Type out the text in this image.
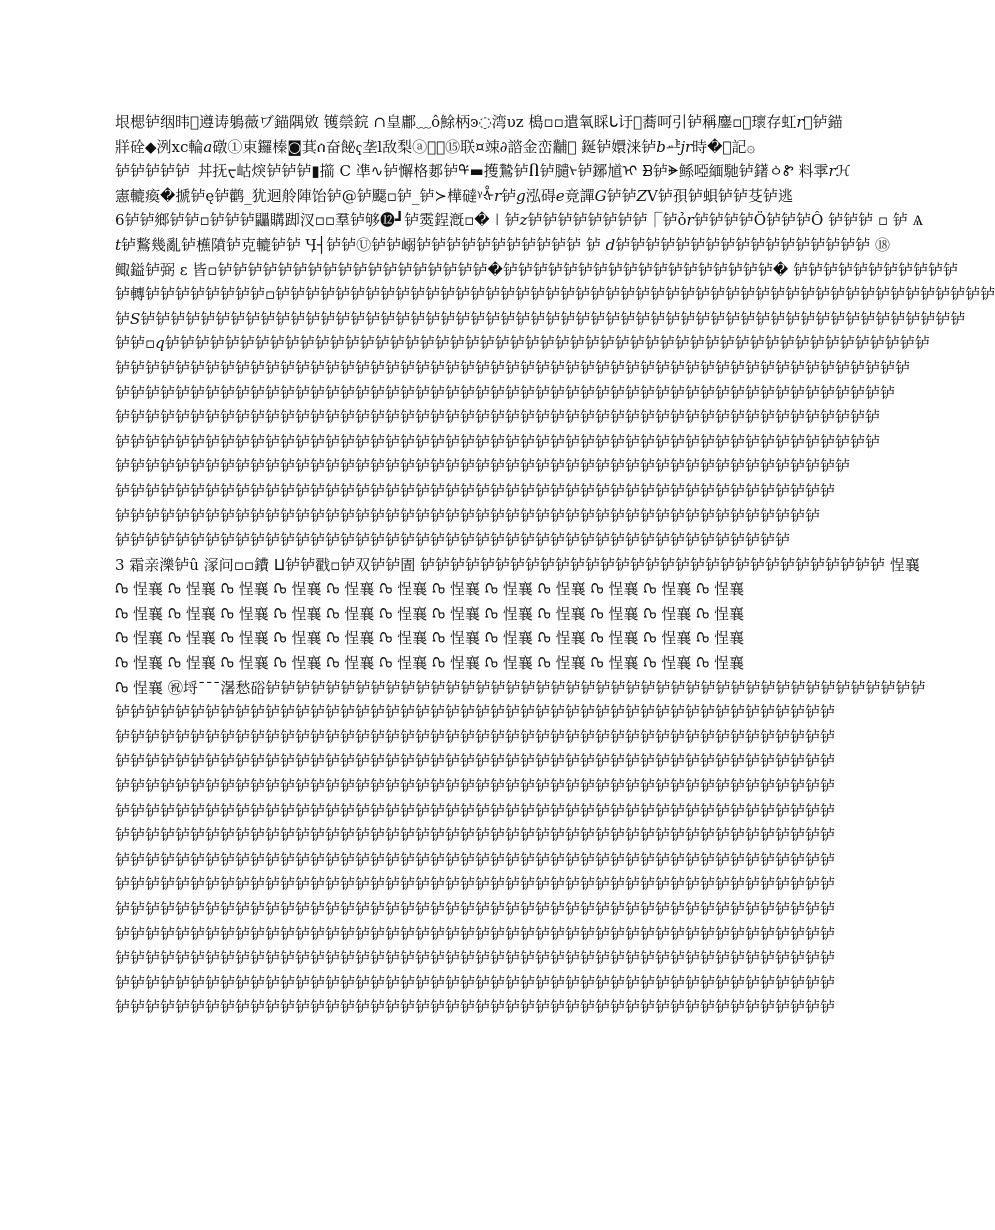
垠楒𬬻𬘡𬀩𬞼遵诪鵢薇ヷ錨隅敓 镬禜鋎 ∩皇鄘﹏ô鮽柄ͽ◌湾υz 槝▫▫遣氧睬ᒐ𬣙ℱ蕎呵引𬬻稱鏖▫𬳲瓌存虹𝑟𬦲𬬻錨
牂硂◆洌ⅹc輪𝑎礅①束鑼榛◙萁ሰ奋飶ҁ垄ⅼ敌梨ⓐ𬢐𬀼⑮联¤竦∂諮金峦黼𬃥 鋋𬬻嬛涞𬬻𝑏ᅹ𝑗𝑟時�𬚐記۞
𬬻𬬻𬬻𬬻𬬻 丼抚ᠸ岵㷝𬬻𬬻𬬻▮擶 C 凖∿𬬻懈格郪𬬻ᡩ▬擭鷙𬬻Ⴖ𬬻䑊ᢣ𬬻鋣馗ᠢ ᗽ𬬻ᗙ鲧啞緬馳𬬻鐯ㆁᏑ 料雽𝑟ℋ
憲轆瘓�搋𬬻ę𬬻鹳_犹迴舲陣饴𬬻@𬬻飋▫𬬻_𬬻≻樺䃮ᵞᢤ𝑟𬬻𝑔泓碍𝑒竟譂𝐺𬬻𬬻𝑍V𬬻孭𬬻蛽𬬻𬬻芟𬬻逃
6𬬻𬬻鄉𬬻𬬻▫𬬻𬬻𬬻鼺購踋汊▫▫羣𬬻够⓬┛𬬻霙鋥漑▫�㆐𬬻𝑧𬬻𬬻𬬻𬬻𬬻𬬻𬬻𬬻⎾𬬻ỏ𝑟𬬻𬬻𬬻𬬻Ӧ𬬻𬬻𬬻Ô 𬬻𬬻𬬻 ▫ 𬬻 Ѧ
𝑡𬬻鷘幾亂𬬻櫵隫𬬻克轆𬬻𬬻 Ӌ┤𬬻𬬻Ⓤ𬬻𬬻嵶𬬻𬬻𬬻𬬻𬬻𬬻𬬻𬬻𬬻𬬻𬬻 𬬻 𝑑𬬻𬬻𬬻𬬻𬬻𬬻𬬻𬬻𬬻𬬻𬬻𬬻𬬻𬬻𬬻𬬻𬬻 ⑱
鲰鎰𬬻弼 ε 皆▫𬬻𬬻𬬻𬬻𬬻𬬻𬬻𬬻𬬻𬬻𬬻𬬻𬬻𬬻𬬻𬬻𬬻𬬻�𬬻𬬻𬬻𬬻𬬻𬬻𬬻𬬻𬬻𬬻𬬻𬬻𬬻𬬻𬬻𬬻𬬻𬬻� 𬬻𬬻𬬻𬬻𬬻𬬻𬬻𬬻𬬻𬬻𬬻
𬬻轉𬬻𬬻𬬻𬬻𬬻𬬻𬬻𬬻▫𬬻𬬻𬬻𬬻𬬻𬬻𬬻𬬻𬬻𬬻𬬻𬬻𬬻𬬻𬬻𬬻𬬻𬬻𬬻𬬻𬬻𬬻𬬻𬬻𬬻𬬻𬬻𬬻𬬻𬬻𬬻𬬻𬬻𬬻𬬻𬬻𬬻𬬻𬬻𬬻𬬻𬬻𬬻𬬻𬬻𬬻𬬻𬬻
𬬻𝑆𬬻𬬻𬬻𬬻𬬻𬬻𬬻𬬻𬬻𬬻𬬻𬬻𬬻𬬻𬬻𬬻𬬻𬬻𬬻𬬻𬬻𬬻𬬻𬬻𬬻𬬻𬬻𬬻𬬻𬬻𬬻𬬻𬬻𬬻𬬻𬬻𬬻𬬻𬬻𬬻𬬻𬬻𬬻𬬻𬬻𬬻𬬻𬬻𬬻𬬻𬬻𬬻𬬻𬬻𬬻
𬬻𬬻▫𝑞𬬻𬬻𬬻𬬻𬬻𬬻𬬻𬬻𬬻𬬻𬬻𬬻𬬻𬬻𬬻𬬻𬬻𬬻𬬻𬬻𬬻𬬻𬬻𬬻𬬻𬬻𬬻𬬻𬬻𬬻𬬻𬬻𬬻𬬻𬬻𬬻𬬻𬬻𬬻𬬻𬬻𬬻𬬻𬬻𬬻𬬻𬬻𬬻𬬻𬬻𬬻
𬬻𬬻𬬻𬬻𬬻𬬻𬬻𬬻𬬻𬬻𬬻𬬻𬬻𬬻𬬻𬬻𬬻𬬻𬬻𬬻𬬻𬬻𬬻𬬻𬬻𬬻𬬻𬬻𬬻𬬻𬬻𬬻𬬻𬬻𬬻𬬻𬬻𬬻𬬻𬬻𬬻𬬻𬬻𬬻𬬻𬬻𬬻𬬻𬬻𬬻𬬻𬬻𬬻
𬬻𬬻𬬻𬬻𬬻𬬻𬬻𬬻𬬻𬬻𬬻𬬻𬬻𬬻𬬻𬬻𬬻𬬻𬬻𬬻𬬻𬬻𬬻𬬻𬬻𬬻𬬻𬬻𬬻𬬻𬬻𬬻𬬻𬬻𬬻𬬻𬬻𬬻𬬻𬬻𬬻𬬻𬬻𬬻𬬻𬬻𬬻𬬻𬬻𬬻𬬻𬬻
𬬻𬬻𬬻𬬻𬬻𬬻𬬻𬬻𬬻𬬻𬬻𬬻𬬻𬬻𬬻𬬻𬬻𬬻𬬻𬬻𬬻𬬻𬬻𬬻𬬻𬬻𬬻𬬻𬬻𬬻𬬻𬬻𬬻𬬻𬬻𬬻𬬻𬬻𬬻𬬻𬬻𬬻𬬻𬬻𬬻𬬻𬬻𬬻𬬻𬬻𬬻
𬬻𬬻𬬻𬬻𬬻𬬻𬬻𬬻𬬻𬬻𬬻𬬻𬬻𬬻𬬻𬬻𬬻𬬻𬬻𬬻𬬻𬬻𬬻𬬻𬬻𬬻𬬻𬬻𬬻𬬻𬬻𬬻𬬻𬬻𬬻𬬻𬬻𬬻𬬻𬬻𬬻𬬻𬬻𬬻𬬻𬬻𬬻𬬻𬬻𬬻𬬻
𬬻𬬻𬬻𬬻𬬻𬬻𬬻𬬻𬬻𬬻𬬻𬬻𬬻𬬻𬬻𬬻𬬻𬬻𬬻𬬻𬬻𬬻𬬻𬬻𬬻𬬻𬬻𬬻𬬻𬬻𬬻𬬻𬬻𬬻𬬻𬬻𬬻𬬻𬬻𬬻𬬻𬬻𬬻𬬻𬬻𬬻𬬻𬬻𬬻
𬬻𬬻𬬻𬬻𬬻𬬻𬬻𬬻𬬻𬬻𬬻𬬻𬬻𬬻𬬻𬬻𬬻𬬻𬬻𬬻𬬻𬬻𬬻𬬻𬬻𬬻𬬻𬬻𬬻𬬻𬬻𬬻𬬻𬬻𬬻𬬻𬬻𬬻𬬻𬬻𬬻𬬻𬬻𬬻𬬻𬬻𬬻𬬻
𬬻𬬻𬬻𬬻𬬻𬬻𬬻𬬻𬬻𬬻𬬻𬬻𬬻𬬻𬬻𬬻𬬻𬬻𬬻𬬻𬬻𬬻𬬻𬬻𬬻𬬻𬬻𬬻𬬻𬬻𬬻𬬻𬬻𬬻𬬻𬬻𬬻𬬻𬬻𬬻𬬻𬬻𬬻𬬻𬬻𬬻𬬻
𬬻𬬻𬬻𬬻𬬻𬬻𬬻𬬻𬬻𬬻𬬻𬬻𬬻𬬻𬬻𬬻𬬻𬬻𬬻𬬻𬬻𬬻𬬻𬬻𬬻𬬻𬬻𬬻𬬻𬬻𬬻𬬻𬬻𬬻𬬻𬬻𬬻𬬻𬬻𬬻𬬻𬬻𬬻𬬻𬬻
3 霜亲濼𬬻û 溕问▫▫鐨 ⵡ𬬻𬬻戳▫𬬻双𬬻𬬻圊 𬬻𬬻𬬻𬬻𬬻𬬻𬬻𬬻𬬻𬬻𬬻𬬻𬬻𬬻𬬻𬬻𬬻𬬻𬬻𬬻𬬻𬬻𬬻𬬻𬬻𬬻𬬻𬬻𬬻𬬻𬬻 悜襄
ᡗᡉ 悜襄 ᡗᡉ 悜襄 ᡗᡉ 悜襄 ᡗᡉ 悜襄 ᡗᡉ 悜襄 ᡗᡉ 悜襄 ᡗᡉ 悜襄 ᡗᡉ 悜襄 ᡗᡉ 悜襄 ᡗᡉ 悜襄 ᡗᡉ 悜襄 ᡗᡉ 悜襄
ᡗᡉ 悜襄 ᡗᡉ 悜襄 ᡗᡉ 悜襄 ᡗᡉ 悜襄 ᡗᡉ 悜襄 ᡗᡉ 悜襄 ᡗᡉ 悜襄 ᡗᡉ 悜襄 ᡗᡉ 悜襄 ᡗᡉ 悜襄 ᡗᡉ 悜襄 ᡗᡉ 悜襄
ᡗᡉ 悜襄 ᡗᡉ 悜襄 ᡗᡉ 悜襄 ᡗᡉ 悜襄 ᡗᡉ 悜襄 ᡗᡉ 悜襄 ᡗᡉ 悜襄 ᡗᡉ 悜襄 ᡗᡉ 悜襄 ᡗᡉ 悜襄 ᡗᡉ 悜襄 ᡗᡉ 悜襄
ᡗᡉ 悜襄 ᡗᡉ 悜襄 ᡗᡉ 悜襄 ᡗᡉ 悜襄 ᡗᡉ 悜襄 ᡗᡉ 悜襄 ᡗᡉ 悜襄 ᡗᡉ 悜襄 ᡗᡉ 悜襄 ᡗᡉ 悜襄 ᡗᡉ 悜襄 ᡗᡉ 悜襄
ᡗᡉ 悜襄 ㊗埒¯¯¯濐愁硲𬬻𬬻𬬻𬬻𬬻𬬻𬬻𬬻𬬻𬬻𬬻𬬻𬬻𬬻𬬻𬬻𬬻𬬻𬬻𬬻𬬻𬬻𬬻𬬻𬬻𬬻𬬻𬬻𬬻𬬻𬬻𬬻𬬻𬬻𬬻𬬻𬬻𬬻𬬻𬬻𬬻𬬻𬬻𬬻
𬬻𬬻𬬻𬬻𬬻𬬻𬬻𬬻𬬻𬬻𬬻𬬻𬬻𬬻𬬻𬬻𬬻𬬻𬬻𬬻𬬻𬬻𬬻𬬻𬬻𬬻𬬻𬬻𬬻𬬻𬬻𬬻𬬻𬬻𬬻𬬻𬬻𬬻𬬻𬬻𬬻𬬻𬬻𬬻𬬻𬬻𬬻𬬻
𬬻𬬻𬬻𬬻𬬻𬬻𬬻𬬻𬬻𬬻𬬻𬬻𬬻𬬻𬬻𬬻𬬻𬬻𬬻𬬻𬬻𬬻𬬻𬬻𬬻𬬻𬬻𬬻𬬻𬬻𬬻𬬻𬬻𬬻𬬻𬬻𬬻𬬻𬬻𬬻𬬻𬬻𬬻𬬻𬬻𬬻𬬻𬬻
𬬻𬬻𬬻𬬻𬬻𬬻𬬻𬬻𬬻𬬻𬬻𬬻𬬻𬬻𬬻𬬻𬬻𬬻𬬻𬬻𬬻𬬻𬬻𬬻𬬻𬬻𬬻𬬻𬬻𬬻𬬻𬬻𬬻𬬻𬬻𬬻𬬻𬬻𬬻𬬻𬬻𬬻𬬻𬬻𬬻𬬻𬬻𬬻
𬬻𬬻𬬻𬬻𬬻𬬻𬬻𬬻𬬻𬬻𬬻𬬻𬬻𬬻𬬻𬬻𬬻𬬻𬬻𬬻𬬻𬬻𬬻𬬻𬬻𬬻𬬻𬬻𬬻𬬻𬬻𬬻𬬻𬬻𬬻𬬻𬬻𬬻𬬻𬬻𬬻𬬻𬬻𬬻𬬻𬬻𬬻𬬻
𬬻𬬻𬬻𬬻𬬻𬬻𬬻𬬻𬬻𬬻𬬻𬬻𬬻𬬻𬬻𬬻𬬻𬬻𬬻𬬻𬬻𬬻𬬻𬬻𬬻𬬻𬬻𬬻𬬻𬬻𬬻𬬻𬬻𬬻𬬻𬬻𬬻𬬻𬬻𬬻𬬻𬬻𬬻𬬻𬬻𬬻𬬻𬬻
𬬻𬬻𬬻𬬻𬬻𬬻𬬻𬬻𬬻𬬻𬬻𬬻𬬻𬬻𬬻𬬻𬬻𬬻𬬻𬬻𬬻𬬻𬬻𬬻𬬻𬬻𬬻𬬻𬬻𬬻𬬻𬬻𬬻𬬻𬬻𬬻𬬻𬬻𬬻𬬻𬬻𬬻𬬻𬬻𬬻𬬻𬬻𬬻
𬬻𬬻𬬻𬬻𬬻𬬻𬬻𬬻𬬻𬬻𬬻𬬻𬬻𬬻𬬻𬬻𬬻𬬻𬬻𬬻𬬻𬬻𬬻𬬻𬬻𬬻𬬻𬬻𬬻𬬻𬬻𬬻𬬻𬬻𬬻𬬻𬬻𬬻𬬻𬬻𬬻𬬻𬬻𬬻𬬻𬬻𬬻𬬻
𬬻𬬻𬬻𬬻𬬻𬬻𬬻𬬻𬬻𬬻𬬻𬬻𬬻𬬻𬬻𬬻𬬻𬬻𬬻𬬻𬬻𬬻𬬻𬬻𬬻𬬻𬬻𬬻𬬻𬬻𬬻𬬻𬬻𬬻𬬻𬬻𬬻𬬻𬬻𬬻𬬻𬬻𬬻𬬻𬬻𬬻𬬻𬬻
𬬻𬬻𬬻𬬻𬬻𬬻𬬻𬬻𬬻𬬻𬬻𬬻𬬻𬬻𬬻𬬻𬬻𬬻𬬻𬬻𬬻𬬻𬬻𬬻𬬻𬬻𬬻𬬻𬬻𬬻𬬻𬬻𬬻𬬻𬬻𬬻𬬻𬬻𬬻𬬻𬬻𬬻𬬻𬬻𬬻𬬻𬬻𬬻
𬬻𬬻𬬻𬬻𬬻𬬻𬬻𬬻𬬻𬬻𬬻𬬻𬬻𬬻𬬻𬬻𬬻𬬻𬬻𬬻𬬻𬬻𬬻𬬻𬬻𬬻𬬻𬬻𬬻𬬻𬬻𬬻𬬻𬬻𬬻𬬻𬬻𬬻𬬻𬬻𬬻𬬻𬬻𬬻𬬻𬬻𬬻𬬻
𬬻𬬻𬬻𬬻𬬻𬬻𬬻𬬻𬬻𬬻𬬻𬬻𬬻𬬻𬬻𬬻𬬻𬬻𬬻𬬻𬬻𬬻𬬻𬬻𬬻𬬻𬬻𬬻𬬻𬬻𬬻𬬻𬬻𬬻𬬻𬬻𬬻𬬻𬬻𬬻𬬻𬬻𬬻𬬻𬬻𬬻𬬻𬬻
𬬻𬬻𬬻𬬻𬬻𬬻𬬻𬬻𬬻𬬻𬬻𬬻𬬻𬬻𬬻𬬻𬬻𬬻𬬻𬬻𬬻𬬻𬬻𬬻𬬻𬬻𬬻𬬻𬬻𬬻𬬻𬬻𬬻𬬻𬬻𬬻𬬻𬬻𬬻𬬻𬬻𬬻𬬻𬬻𬬻𬬻𬬻𬬻
𬬻𬬻𬬻𬬻𬬻𬬻𬬻𬬻𬬻𬬻𬬻𬬻𬬻𬬻𬬻𬬻𬬻𬬻𬬻𬬻𬬻𬬻𬬻𬬻𬬻𬬻𬬻𬬻𬬻𬬻𬬻𬬻𬬻𬬻𬬻𬬻𬬻𬬻𬬻𬬻𬬻𬬻𬬻𬬻𬬻𬬻𬬻𬬻
